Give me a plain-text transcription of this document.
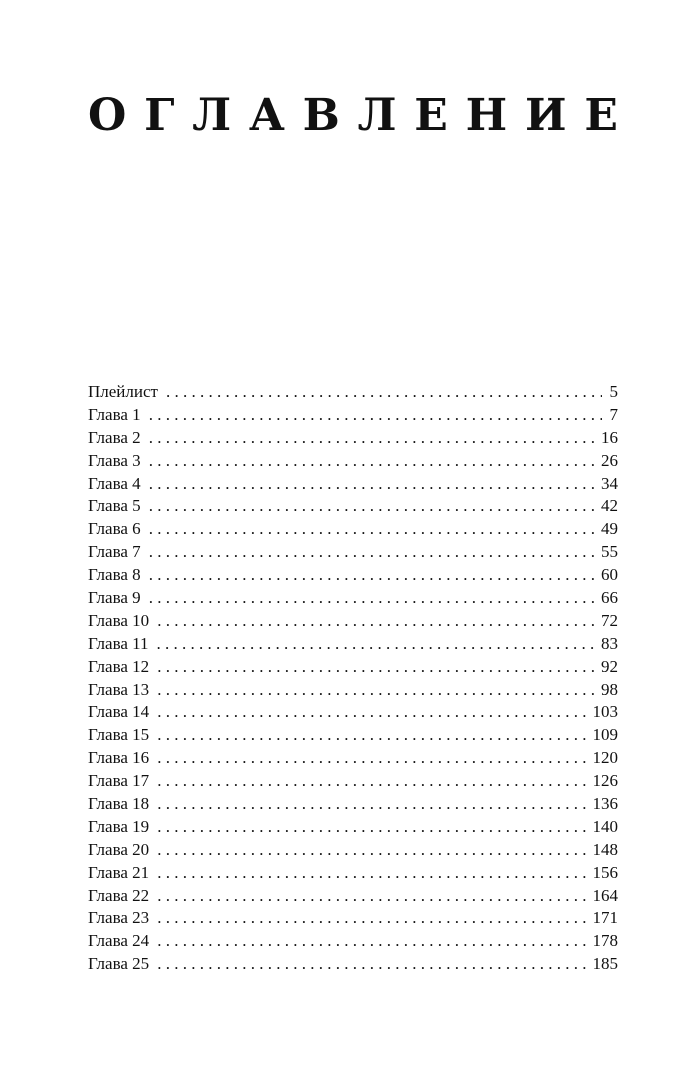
О Г Л А В Л Е Н И Е
Плейлист . . .	5
Глава 1 . . .	7
Глава 2 . . .	16
Глава 3 . . .	26
Глава 4 . . .	34
Глава 5 . . .	42
Глава 6 . . .	49
Глава 7 . . .	55
Глава 8 . . .	60
Глава 9 . . .	66
Глава 10 . . .	72
Глава 11 . . .	83
Глава 12 . . .	92
Глава 13 . . .	98
Глава 14 . . .	103
Глава 15 . . .	109
Глава 16 . . .	120
Глава 17 . . .	126
Глава 18 . . .	136
Глава 19 . . .	140
Глава 20 . . .	148
Глава 21 . . .	156
Глава 22 . . .	164
Глава 23 . . .	171
Глава 24 . . .	178
Глава 25 . . .	185
